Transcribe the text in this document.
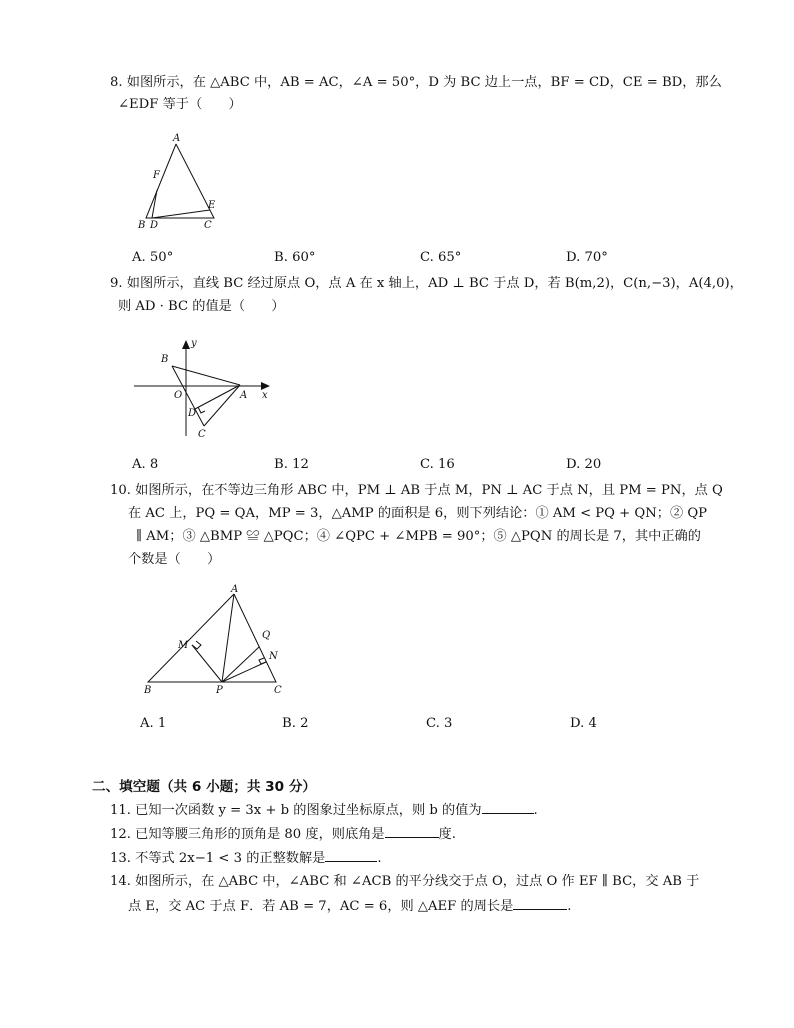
8. 如图所示，在 △ABC 中，AB = AC，∠A = 50°，D 为 BC 边上一点，BF = CD，CE = BD，那么
∠EDF 等于（　　）
A
B D	C
E
F
A. 50°	B. 60°	C. 65°	D. 70°
9. 如图所示，直线 BC 经过原点 O，点 A 在 x 轴上，AD ⊥ BC 于点 D，若 B(m,2)，C(n,−3)，A(4,0)，
则 AD · BC 的值是（　　）
y
x
B
O	A
D
C
A. 8	B. 12	C. 16	D. 20
10. 如图所示，在不等边三角形 ABC 中，PM ⊥ AB 于点 M，PN ⊥ AC 于点 N，且 PM = PN，点 Q
在 AC 上，PQ = QA，MP = 3，△AMP 的面积是 6，则下列结论：① AM < PQ + QN；② QP
∥ AM；③ △BMP ≌ △PQC；④ ∠QPC + ∠MPB = 90°；⑤ △PQN 的周长是 7，其中正确的
个数是（　　）
A
M
Q
N
B	P	C
A. 1	B. 2	C. 3	D. 4
二、填空题（共 6 小题；共 30 分）
11. 已知一次函数 y = 3x + b 的图象过坐标原点，则 b 的值为	.
12. 已知等腰三角形的顶角是 80 度，则底角是	度.
13. 不等式 2x−1 < 3 的正整数解是	.
14. 如图所示，在 △ABC 中，∠ABC 和 ∠ACB 的平分线交于点 O，过点 O 作 EF ∥ BC，交 AB 于
点 E，交 AC 于点 F．若 AB = 7，AC = 6，则 △AEF 的周长是	.
